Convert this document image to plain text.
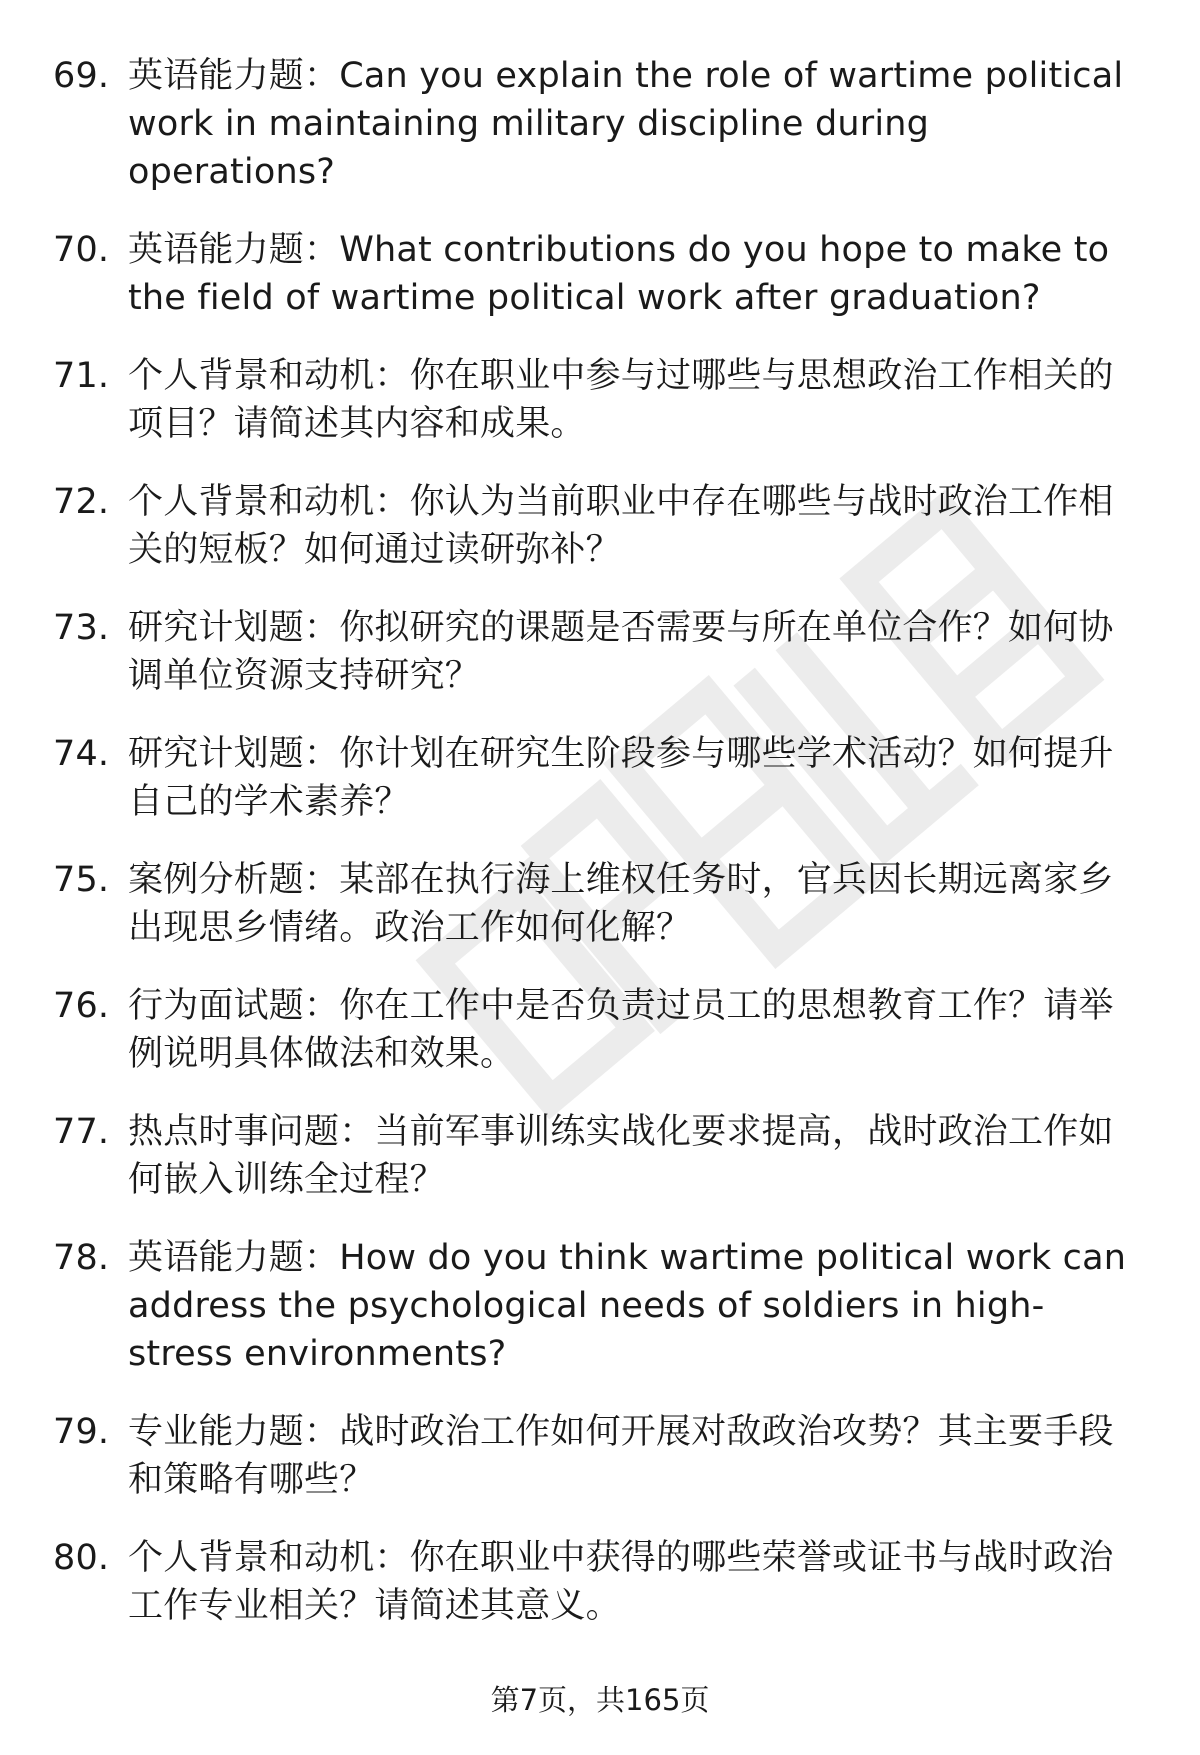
69. 英语能力题：Can you explain the role of wartime political work in maintaining military discipline during operations?
70. 英语能力题：What contributions do you hope to make to the field of wartime political work after graduation?
71. 个人背景和动机：你在职业中参与过哪些与思想政治工作相关的项目？请简述其内容和成果。
72. 个人背景和动机：你认为当前职业中存在哪些与战时政治工作相关的短板？如何通过读研弥补？
73. 研究计划题：你拟研究的课题是否需要与所在单位合作？如何协调单位资源支持研究？
74. 研究计划题：你计划在研究生阶段参与哪些学术活动？如何提升自己的学术素养？
75. 案例分析题：某部在执行海上维权任务时，官兵因长期远离家乡出现思乡情绪。政治工作如何化解？
76. 行为面试题：你在工作中是否负责过员工的思想教育工作？请举例说明具体做法和效果。
77. 热点时事问题：当前军事训练实战化要求提高，战时政治工作如何嵌入训练全过程？
78. 英语能力题：How do you think wartime political work can address the psychological needs of soldiers in high-stress environments?
79. 专业能力题：战时政治工作如何开展对敌政治攻势？其主要手段和策略有哪些？
80. 个人背景和动机：你在职业中获得的哪些荣誉或证书与战时政治工作专业相关？请简述其意义。
第7页，共165页
